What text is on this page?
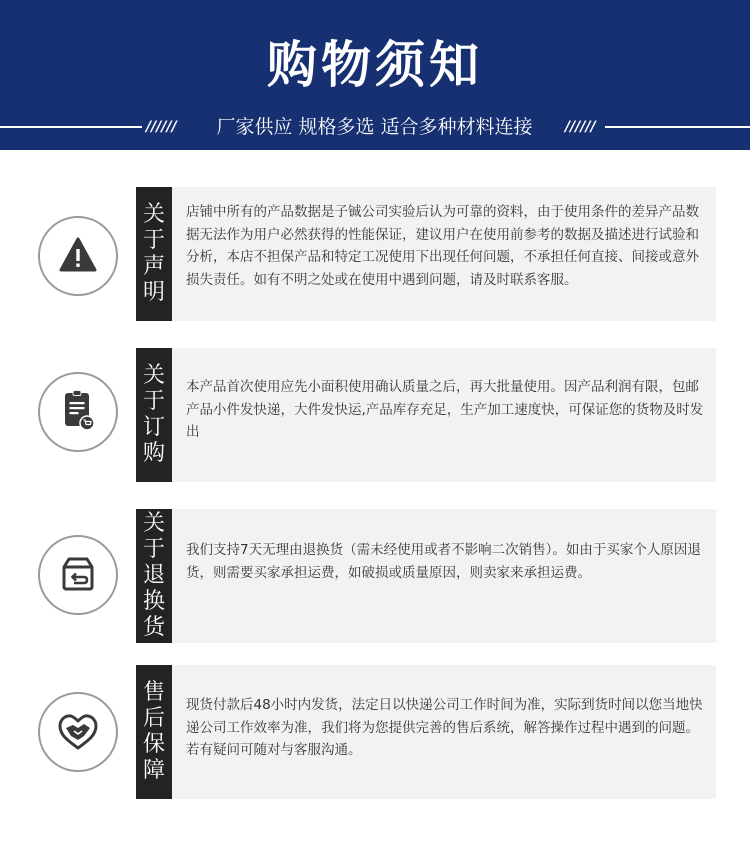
购物须知
//////	厂家供应 规格多选 适合多种材料连接	//////
关
于
声
明
店铺中所有的产品数据是子铖公司实验后认为可靠的资料，由于使用条件的差异产品数据无法作为用户必然获得的性能保证，建议用户在使用前参考的数据及描述进行试验和分析，本店不担保产品和特定工况使用下出现任何问题，不承担任何直接、间接或意外损失责任。如有不明之处或在使用中遇到问题，请及时联系客服。
关
于
订
购
本产品首次使用应先小面积使用确认质量之后，再大批量使用。因产品利润有限，包邮产品小件发快递，大件发快运,产品库存充足，生产加工速度快，可保证您的货物及时发出
关
于
退
换
货
我们支持7天无理由退换货（需未经使用或者不影响二次销售）。如由于买家个人原因退货，则需要买家承担运费，如破损或质量原因，则卖家来承担运费。
售
后
保
障
现货付款后48小时内发货，法定日以快递公司工作时间为准，实际到货时间以您当地快递公司工作效率为准，我们将为您提供完善的售后系统，解答操作过程中遇到的问题。若有疑问可随对与客服沟通。
